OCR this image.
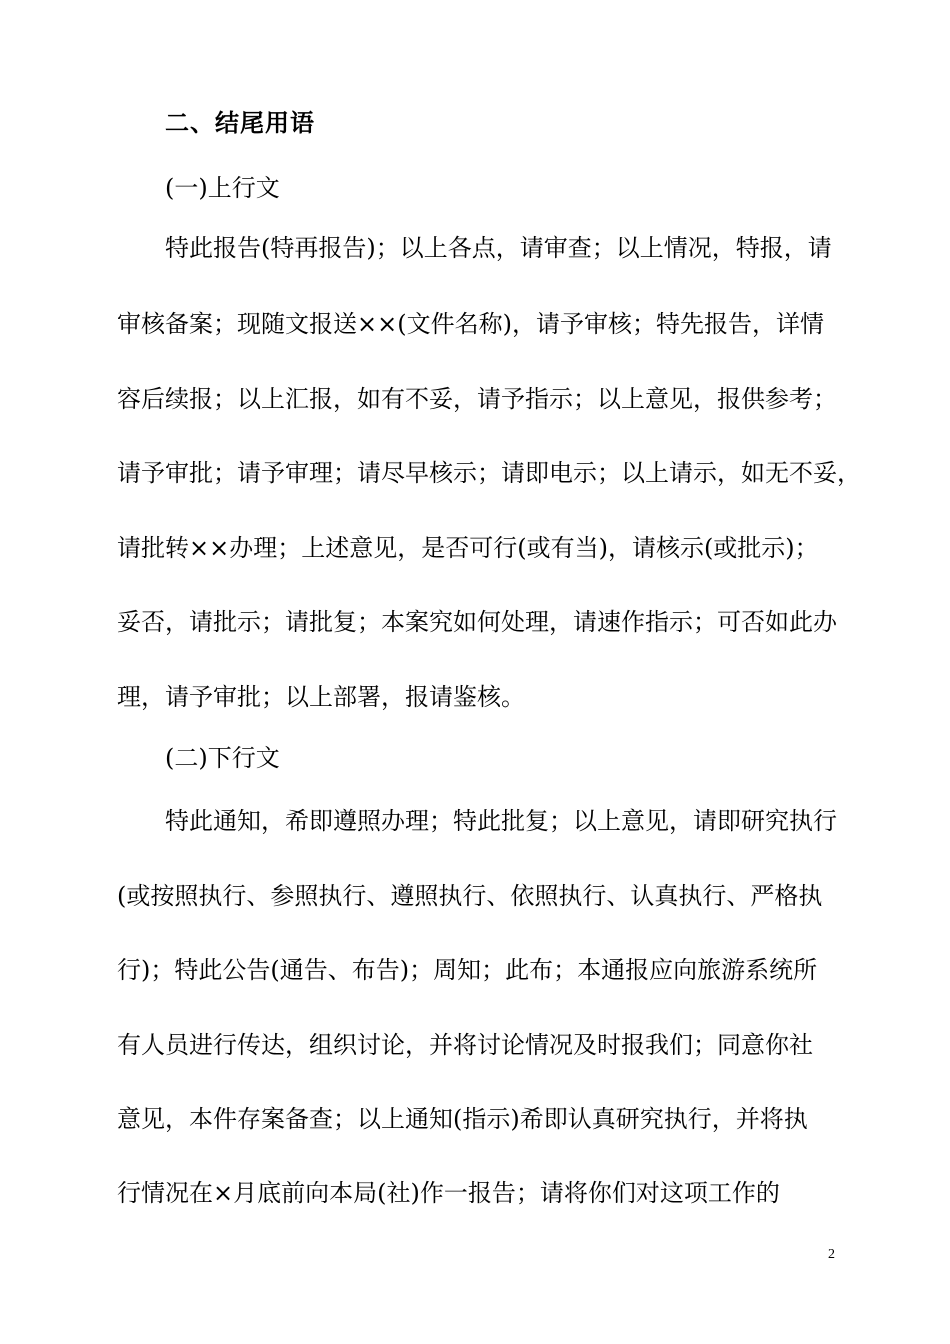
二、结尾用语
(一)上行文
特此报告(特再报告)；以上各点，请审查；以上情况，特报，请
审核备案；现随文报送××(文件名称)，请予审核；特先报告，详情
容后续报；以上汇报，如有不妥，请予指示；以上意见，报供参考；
请予审批；请予审理；请尽早核示；请即电示；以上请示，如无不妥，
请批转××办理；上述意见，是否可行(或有当)，请核示(或批示)；
妥否，请批示；请批复；本案究如何处理，请速作指示；可否如此办
理，请予审批；以上部署，报请鉴核。
(二)下行文
特此通知，希即遵照办理；特此批复；以上意见，请即研究执行
(或按照执行、参照执行、遵照执行、依照执行、认真执行、严格执
行)；特此公告(通告、布告)；周知；此布；本通报应向旅游系统所
有人员进行传达，组织讨论，并将讨论情况及时报我们；同意你社
意见，本件存案备查；以上通知(指示)希即认真研究执行，并将执
行情况在×月底前向本局(社)作一报告；请将你们对这项工作的
2
